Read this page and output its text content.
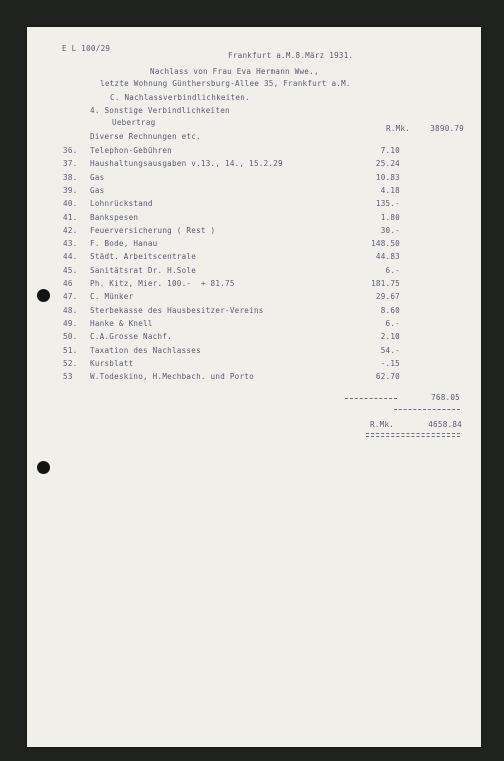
E L 100/29
Frankfurt a.M.8.März 1931.
Nachlass von Frau Eva Hermann Wwe.,
letzte Wohnung Günthersburg-Allee 35, Frankfurt a.M.
C. Nachlassverbindlichkeiten.
4. Sonstige Verbindlichkeiten
Uebertrag
R.Mk.	3890.79
Diverse Rechnungen etc.
36. Telephon-Gebühren	7.10
37. Haushaltungsausgaben v.13., 14., 15.2.29	25.24
38. Gas	10.83
39. Gas	4.18
40. Lohnrückstand	135.-
41. Bankspesen	1.80
42. Feuerversicherung ( Rest )	30.-
43. F. Bode, Hanau	148.50
44. Städt. Arbeitscentrale	44.83
45. Sanitätsrat Dr. H.Sole	6.-
46 Ph. Kitz, Mier. 100.-  + 81.75	181.75
47. C. Münker	29.67
48. Sterbekasse des Hausbesitzer-Vereins	8.60
49. Hanke & Knell	6.-
50. C.A.Grosse Nachf.	2.10
51. Taxation des Nachlasses	54.-
52. Kursblatt	-.15
53 W.Todeskino, H.Mechbach. und Porto	62.70
768.05
R.Mk.	4658.84
